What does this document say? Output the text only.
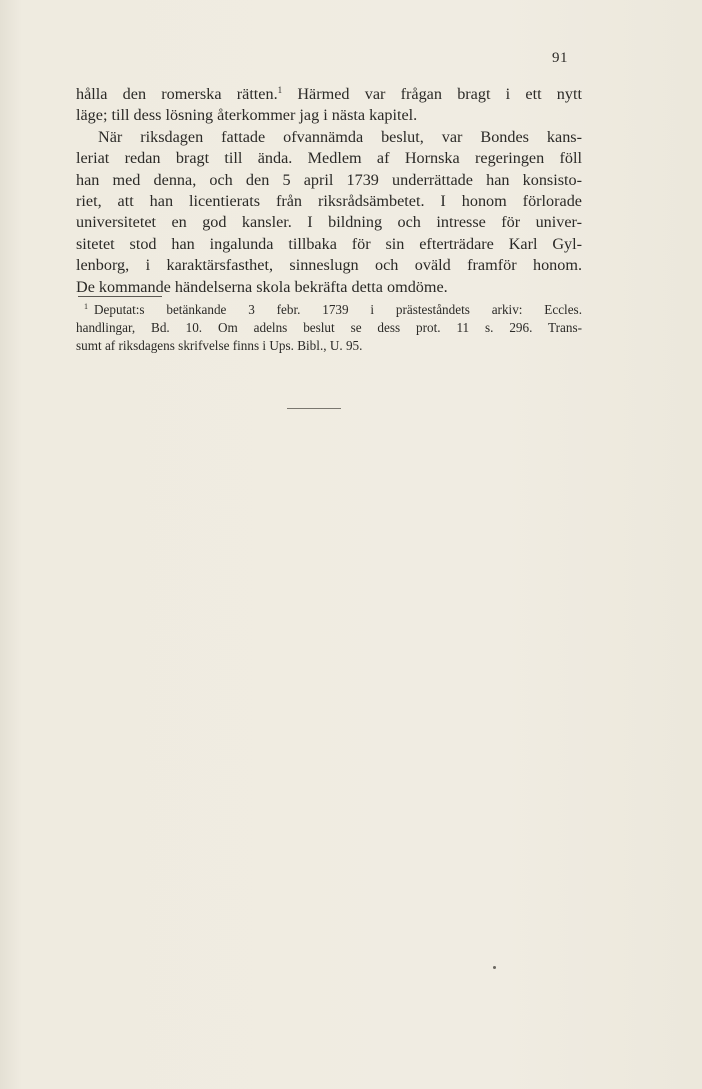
91
hålla den romerska rätten.$^1$ Härmed var frågan bragt i ett nytt
läge; till dess lösning återkommer jag i nästa kapitel.
När riksdagen fattade ofvannämda beslut, var Bondes kans-
leriat redan bragt till ända. Medlem af Hornska regeringen föll
han med denna, och den 5 april 1739 underrättade han konsisto-
riet, att han licentierats från riksrådsämbetet. I honom förlorade
universitetet en god kansler. I bildning och intresse för univer-
sitetet stod han ingalunda tillbaka för sin efterträdare Karl Gyl-
lenborg, i karaktärsfasthet, sinneslugn och oväld framför honom.
De kommande händelserna skola bekräfta detta omdöme.
$^1$ Deputat:s betänkande 3 febr. 1739 i prästeståndets arkiv: Eccles.
handlingar, Bd. 10. Om adelns beslut se dess prot. 11 s. 296. Trans-
sumt af riksdagens skrifvelse finns i Ups. Bibl., U. 95.
